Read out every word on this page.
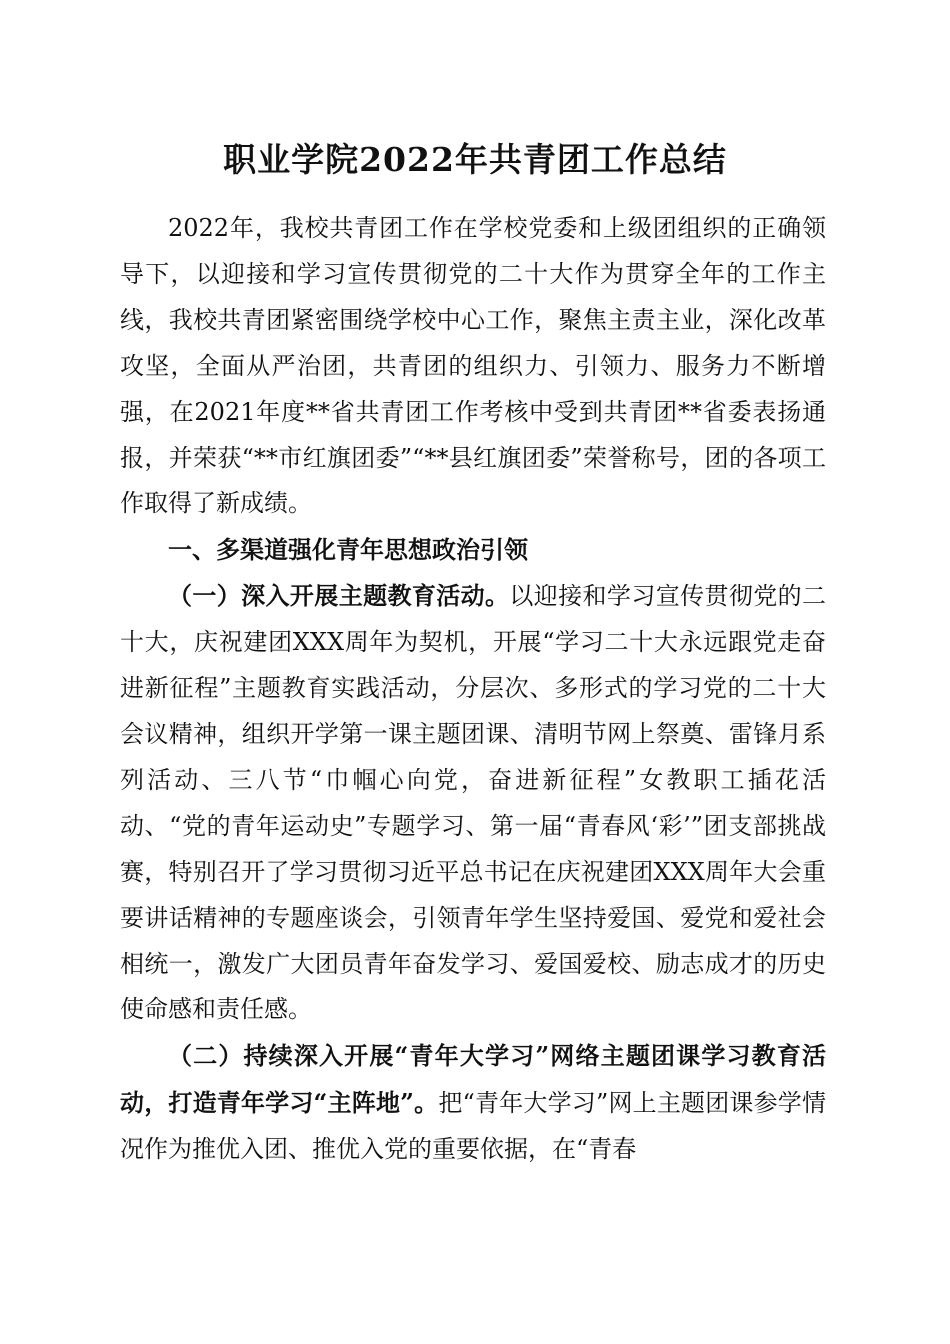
职业学院2022年共青团工作总结

2022年，我校共青团工作在学校党委和上级团组织的正确领导下，以迎接和学习宣传贯彻党的二十大作为贯穿全年的工作主线，我校共青团紧密围绕学校中心工作，聚焦主责主业，深化改革攻坚，全面从严治团，共青团的组织力、引领力、服务力不断增强，在2021年度**省共青团工作考核中受到共青团**省委表扬通报，并荣获“**市红旗团委”“**县红旗团委”荣誉称号，团的各项工作取得了新成绩。

一、多渠道强化青年思想政治引领

（一）深入开展主题教育活动。以迎接和学习宣传贯彻党的二十大，庆祝建团XXX周年为契机，开展“学习二十大永远跟党走奋进新征程”主题教育实践活动，分层次、多形式的学习党的二十大会议精神，组织开学第一课主题团课、清明节网上祭奠、雷锋月系列活动、三八节“巾帼心向党，奋进新征程”女教职工插花活动、“党的青年运动史”专题学习、第一届“青春风‘彩’”团支部挑战赛，特别召开了学习贯彻习近平总书记在庆祝建团XXX周年大会重要讲话精神的专题座谈会，引领青年学生坚持爱国、爱党和爱社会相统一，激发广大团员青年奋发学习、爱国爱校、励志成才的历史使命感和责任感。

（二）持续深入开展“青年大学习”网络主题团课学习教育活动，打造青年学习“主阵地”。把“青年大学习”网上主题团课参学情况作为推优入团、推优入党的重要依据，在“青春
